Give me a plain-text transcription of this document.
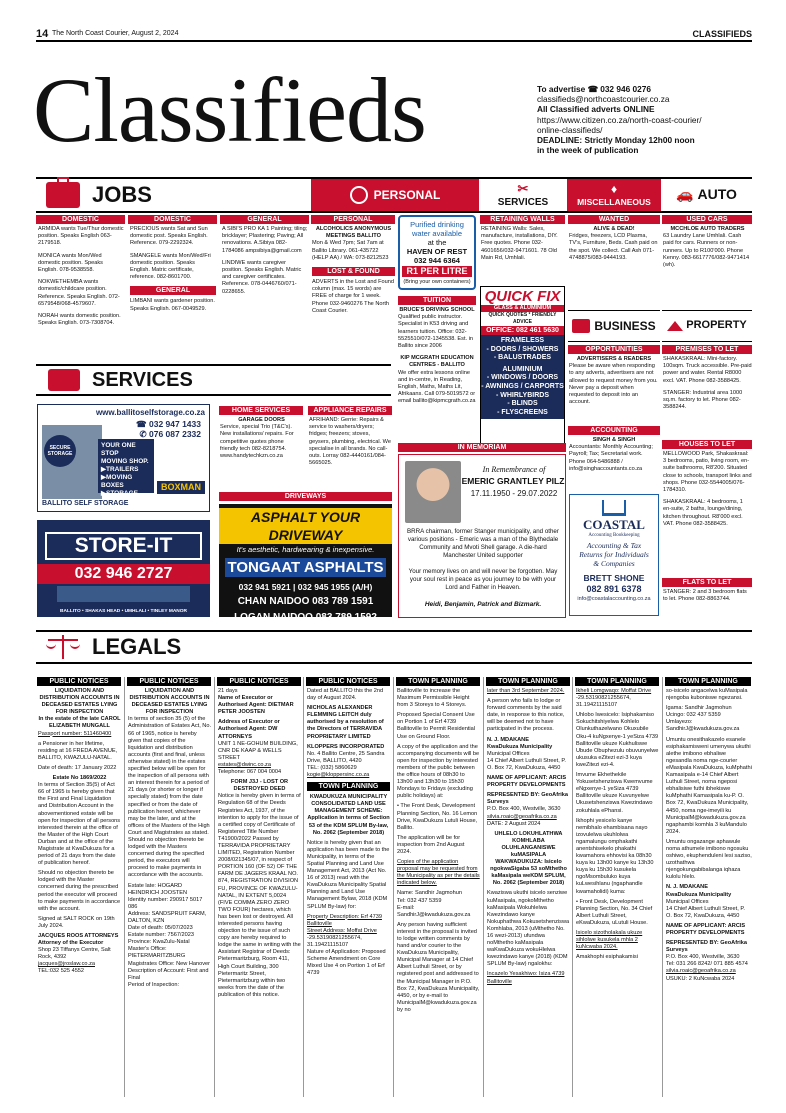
14 The North Coast Courier, August 2, 2024	CLASSIFIEDS
Classifieds	To advertise ☎ 032 946 0276
classifieds@northcoastcourier.co.za
All Classified adverts ONLINE
https://www.citizen.co.za/north-coast-courier/
online-classifieds/
DEADLINE: Strictly Monday 12h00 noon
in the week of publication
JOBS	PERSONAL	✂
SERVICES
♦
MISCELLANEOUS 🚗 AUTO
DOMESTIC

ARMIDA wants Tue/Thur domestic position. Speaks English 063-2179518.

MONICA wants Mon/Wed domestic position. Speaks English. 078-9538558.

NOKWETHEMBA wants domestic/childcare position. Reference. Speaks English. 072-6579548/068-4579607.

NORAH wants domestic position. Speaks English. 073-7308704.

DOMESTIC

PRECIOUS wants Sat and Sun domestic post. Speaks English. Reference. 079-2292324.

SMANGELE wants Mon/Wed/Fri domestic position. Speaks English. Matric certificate, reference. 082-8601700.

GENERAL

LIMBANI wants gardener position. Speaks English. 067-0049529.

GENERAL

A SIBI'S PRO KA 1 Painting; tiling; bricklayer; Plastering; Paving; All renovations. A.Sibiya 082-1784086 ampsibiya@gmail.com

LINDIWE wants caregiver position. Speaks English. Matric and caregiver certificates. Reference. 078-0446760/071-0228655.

PERSONAL
ALCOHOLICS ANONYMOUS MEETINGS BALLITO

Mon & Wed 7pm; Sat 7am at Ballito Library. 061-435722 (HELP AA) / WA: 073-8212523

LOST & FOUND

ADVERTS in the Lost and Found column (max. 15 words) are FREE of charge for 1 week. Phone 032-9460276 The North Coast Courier.

Purified drinking
water available
at the
HAVEN OF REST
032 944 6364
R1 PER LITRE
(Bring your own containers)
TUITION
BRUCE'S DRIVING SCHOOL

Qualified public instructor. Specialist in K53 driving and learners tuition. Office: 032-5525510/072-1345538. Est. in Ballito since 2006

KIP MCGRATH EDUCATION CENTRES - BALLITO

We offer extra lessons online and in-centre, in Reading, English, Maths, Maths Lit, Afrikaans. Call 079-5019572 or email ballito@kipmcgrath.co.za

RETAINING WALLS
RETAINING Walls: Sales, manufacture, installations, DIY. Free quotes. Phone 032-4601656/032-9471601. 78 Old Main Rd, Umhlali.
QUICK FIX
GLASS & ALUMINIUM
QUICK QUOTES * FRIENDLY ADVICE
OFFICE: 082 461 5630
FRAMELESS
- DOORS / SHOWERS
- BALUSTRADES
ALUMINIUM
- WINDOWS / DOORS
- AWNINGS / CARPORTS
- WHIRLYBIRDS
- BLINDS
- FLYSCREENS
WANTED
ALIVE & DEAD!

Fridges, freezers, LCD Plasma, TV's, Furniture, Beds. Cash paid on the spot. We collect. Call Ash 071-4748875/083-9444193.

USED CARS
MCCHLOE AUTO TRADERS

63 Laundry Lane Umhlali. Cash paid for cars. Runners or non-runners. Up to R100'000. Phone Kenny. 083-6617776/082-9471414 (wh).

BUSINESS
OPPORTUNITIES
ADVERTISERS & READERS

Please be aware when responding to any adverts, advertisers are not allowed to request money from you. Never pay a deposit when requested to deposit into an account.

ACCOUNTING
SINGH & SINGH

Accountants: Monthly Accounting; Payroll; Tax; Secretarial work. Phone 064-5486888 / info@singhaccountants.co.za

COASTAL
Accounting Bookkeeping
Accounting & Tax
Returns for Individuals
& Companies
BRETT SHONE
082 891 6378
info@coastalaccounting.co.za
PROPERTY
PREMISES TO LET

SHAKASKRAAL: Mini-factory. 100sqm. Truck accessible. Pre-paid power and water. Rental R8000 excl. VAT. Phone 082-3588425.

STANGER: Industrial area 1000 sq.m. factory to let. Phone 082-3588244.

HOUSES TO LET

MELLOWOOD Park, Shakaskraal: 3 bedrooms, patio, living room, en-suite bathrooms, R8'200. Situated close to schools, transport links and shops. Phone 032-5544005/076-1784310.

SHAKASKRAAL: 4 bedrooms, 1 en-suite, 2 baths, lounge/dining, kitchen throughout. R8'000 excl. VAT. Phone 082-3588425.

FLATS TO LET
STANGER: 2 and 3 bedroom flats to let. Phone 082-8863744.
SERVICES
www.ballitoselfstorage.co.za
☎ 032 947 1433
✆ 076 087 2332
SECURE STORAGE
YOUR ONE
STOP
MOVING SHOP.
▶TRAILERS
▶MOVING BOXES
▶STORAGE
BOXMAN
BALLITO SELF STORAGE
STORE-IT
032 946 2727
BALLITO • SHAKAS HEAD • UMHLALI • TINLEY MANOR
HOME SERVICES
GARAGE DOORS

Service, special Trio (T&C's). New installations/ repairs. For competitive quotes phone friendly tech 082-8218754. www.handytechkzn.co.za

APPLIANCE REPAIRS
AFRIHAND: Gerrie: Repairs & service to washers/dryers; fridges; freezers; stoves, geysers, plumbing, electrical. We specialise in all brands. No call-outs. Lorray 082-4440161/084-5665025.
DRIVEWAYS
ASPHALT YOUR DRIVEWAY
It's aesthetic, hardwearing & inexpensive.
TONGAAT ASPHALTS
032 941 5921 | 032 945 1955 (A/H)
CHAN NAIDOO 083 789 1591
LOGAN NAIDOO 083 789 1592
IN MEMORIAM
In Remembrance of
EMERIC GRANTLEY PILZ
17.11.1950 - 29.07.2022
BRRA chairman, former Stanger municipality, and other various positions - Emeric was a man of the Blythedale Community and Mvoti Shell garage. A die-hard Manchester United supporter
Your memory lives on and will never be forgotten. May your soul rest in peace as you journey to be with your Lord and Father in Heaven.
Heidi, Benjamin, Patrick and Bizmark.
LEGALS
PUBLIC NOTICES	PUBLIC NOTICES	PUBLIC NOTICES	PUBLIC NOTICES	TOWN PLANNING	TOWN PLANNING	TOWN PLANNING	TOWN PLANNING
LIQUIDATION AND DISTRIBUTION ACCOUNTS IN DECEASED ESTATES LYING FOR INSPECTION
In the estate of the late CAROL ELIZABETH MUNGALL

Passport number: 511460400

a Pensioner in her lifetime, residing at 16 FREDA AVENUE, BALLITO, KWAZULU-NATAL.

Date of death: 17 January 2022

Estate No 1869/2022

In terms of Section 35(5) of Act 66 of 1965 is hereby given that the First and Final Liquidation and Distribution Account in the abovementioned estate will be open for inspection of all persons interested therein at the office of the Master of the High Court Durban and at the office of the Magistrate at KwaDukuza for a period of 21 days from the date of publication hereof.

Should no objection thereto be lodged with the Master concerned during the prescribed period the executor will proceed to make payments in accordance with the account.

Signed at SALT ROCK on 19th July 2024.

JACQUES ROOS ATTORNEYS
Attorney of the Executor
Shop 23 Tiffanys Centre, Salt Rock, 4392
jacques@jroslaw.co.za
TEL:032 525 4552
LIQUIDATION AND DISTRIBUTION ACCOUNTS IN DECEASED ESTATES LYING FOR INSPECTION

In terms of section 35 (5) of the Administration of Estates Act, No. 66 of 1965, notice is hereby given that copies of the liquidation and distribution accounts (first and final, unless otherwise stated) in the estates specified below will be open for the inspection of all persons with an interest therein for a period of 21 days (or shorter or longer if specially stated) from the date specified or from the date of publication hereof, whichever may be the later, and at the offices of the Masters of the High Court and Magistrates as stated. Should no objection thereto be lodged with the Masters concerned during the specified period, the executors will proceed to make payments in accordance with the accounts.

Estate late: HOGARD HEINDRICH JOOSTEN
Identity number: 290917 5017 086
Address: SANDSPRUIT FARM, DALTON, KZN
Date of death: 05/07/2023
Estate number: 7567/2023
Province: KwaZulu-Natal
Master's Office: PIETERMARITZBURG
Magistrates Office: New Hanover
Description of Account: First and Final
Period of Inspection:
21 days

Name of Executor or Authorised Agent: DIETMAR PETER JOOSTEN

Address of Executor or Authorised Agent: DW ATTORNEYS
UNIT 1 NE-GOHUM BUILDING, CNR DE KAAP & WELLS STREET
estates@dwinc.co.za

Telephone: 067 004 0004

FORM J3J - LOST OR DESTROYED DEED

Notice is hereby given in terms of Regulation 68 of the Deeds Registries Act, 1937, of the intention to apply for the issue of a certified copy of Certificate of Registered Title Number T41900/2022 Passed by TERRAVIDA PROPRIETARY LIMITED, Registration Number 2008/021345/07, in respect of PORTION 160 (OF 52) OF THE FARM DE JAGERS KRAAL NO. 874, REGISTRATION DIVISION FU, PROVINCE OF KWAZULU-NATAL, IN EXTENT 5,0024 (FIVE COMMA ZERO ZERO TWO FOUR) hectares, which has been lost or destroyed. All interested persons having objection to the issue of such copy are hereby required to lodge the same in writing with the Assistant Registrar of Deeds: Pietermaritzburg, Room 411, High Court Building, 300 Pietermaritz Street, Pietermaritzburg within two weeks from the date of the publication of this notice.

Dated at BALLITO this the 2nd day of August 2024.

NICHOLAS ALEXANDER FLEMMING LEITCH duly authorised by a resolution of the Directors of TERRAVIDA PROPRIETARY LIMITED

KLOPPERS INCORPORATED
No. 4 Ballito Centre, 25 Sandra Drive, BALLITO, 4420
TEL: (032) 5860629

kogie@kloppersinc.co.za

TOWN PLANNING
KWADUKUZA MUNICIPALITY CONSOLIDATED LAND USE MANAGEMENT SCHEME:

Application in terms of Section 53 of the KDM SPLUM By-law, No. 2062 (September 2018)

Notice is hereby given that an application has been made to the Municipality, in terms of the Spatial Planning and Land Use Management Act, 2013 (Act No. 16 of 2013) read with the KwaDukuza Municipality Spatial Planning and Land Use Management Bylaw, 2018 (KDM SPLUM By-law) for:

Property Description: Erf 4739 Ballitoville
Street Address: Moffat Drive
-29.53190821255674, 31.19421115107
Nature of Application: Proposed Scheme Amendment on Core Mixed Use 4 on Portion 1 of Erf 4739

Ballitoville to increase the Maximum Permissible Height from 3 Storeys to 4 Storeys.

Proposed Special Consent Use on Portion 1 of Erf 4739 Ballitoville to Permit Residential Use on Ground Floor.

A copy of the application and the accompanying documents will be open for inspection by interested members of the public between the office hours of 08h30 to 13h00 and 13h30 to 15h30 Mondays to Fridays (excluding public holidays) at:

• The Front Desk, Development Planning Section, No. 16 Lemon Drive, KwaDukuza Lutuli House, Ballito.

The application will be for inspection from 2nd August 2024.

Copies of the application proposal may be requested from the Municipality as per the details indicated below.

Name: Sandhir Jagmohun
Tel: 032 437 5359

E-mail: SandhirJ@kwadukuza.gov.za

Any person having sufficient interest in the proposal is invited to lodge written comments by hand and/or courier to the KwaDukuza Municipality, Municipal Manager at 14 Chief Albert Luthuli Street, or by registered post and addressed to the Municipal Manager in P.O. Box 72, KwaDukuza Municipality, 4450, or by e-mail to MunicipalM@kwadukuza.gov.za by no

later than 3rd September 2024.

A person who fails to lodge or forward comments by the said date, in response to this notice, will be deemed not to have participated in the process.

N. J. MDAKANE
KwaDukuza Municipality
Municipal Offices

14 Chief Albert Luthuli Street, P. O. Box 72, KwaDukuza, 4450

NAME OF APPLICANT: ARCIS PROPERTY DEVELOPMENTS

REPRESENTED BY: GeoAfrika Surveys
P.O. Box 400, Westville, 3630
silvia.roaic@geoafrika.co.za

DATE: 2 August 2024

UHLELO LOKUHLATHWA KOMHLABA OLUHLANGANISWE kuMASIPALA WAKWADUKUZA: Isicelo ngokwaSigaba 53 soMthetho kaMasipala weKDM SPLUM, No. 2062 (September 2018)

Kwaziswa ukuthi isicelo senziwe kuMasipala, ngokoMthetho kaMasipala Wokuhlelwa Kwezindawo kanye Nokuphathwa Kokusetshenziswa Komhlaba, 2013 (uMthetho No. 16 wezi-2013) ufundwa noMthetho kaMasipala waKwaDukuza wokuHlelwa kwezindawo kanye (2018) (KDM SPLUM By-law) ngalokhu:

Incazelo Yesakhiwo: Isiza 4739 Ballitoville
Ikheli Lomgwaqo: Moffat Drive

-29.53190821255674, 31.19421115107

Uhlobo Iwesicelo: Isiphakamiso Sokuchitshiyelwa Kohlelo Olunkuthazelwano Okuxubile Oku-4 kuNgxenye-1 yeSiza 4739 Ballitoville ukuze Kukhuliswe Ubude Obuphezulu obuvunyelwe ukusuka eZitezi ezi-3 kuya kweZitezi ezi-4.

Imvume Ekhethekile Yokusetshenziswa Kwemvume eNgxenye-1 yeSiza 4739 Ballitoville ukuze Kuvunyelwe Ukusetshenziswa Kwezindawo zokuhlala ePhansi.

Ikhophi yesicelo kanye nemibhalo ehambisana nayo izovulelwa ukuhlolwa ngamalungu omphakathi anentshisekelo phakathi kwamahora ehhovisi ka 08h30 kuya ku 13h00 kanye ku 13h30 kuya ku 15h30 kusukela ngoMsombuluko kuya kuLwesihlanu (ngaphandle kwamaholidi) kuma:

• Front Desk, Development Planning Section, No. 34 Chief Albert Luthuli Street, eKwaDukuza, uLutuli House.

Isicelo sizotholakala ukuze sihlolwe kusukela mhla 2 kuNcwaba 2024.

Amakhophi esiphakamisi

so-isicelo angacelwa kuMasipala njengoba kuboniswe ngezansi.

Igama: Sandhir Jagmohun
Ucingo: 032 437 5359

Umlayezo: SandhirJ@kwadukuza.gov.za

Umuntu onesithakazelo esanele esiphakamisweni umenywa ukuthi alethe imibono ebhaliwe ngesandla noma nge-courier eMasipala KwaDukuza, kuMphathi Kamasipala e-14 Chief Albert Luthuli Street, noma ngeposi ebhalisiwe futhi ibhekiswe kuMphathi Kamasipala ku-P. O. Box 72, KwaDukuza Municipality, 4450, noma nge-imeyili ku MunicipalM@kwadukuza.gov.za ngaphambi komhla 3 kuMandulo 2024.

Umuntu ongazange aphawule noma athumele imibono ngosuku oshiwo, ekuphenduleni lesi saziso, uzothathwa njengokungabibalanga iqhaza kulolu hlelo.

N. J. MDAKANE
KwaDukuza Municipality
Municipal Offices

14 Chief Albert Luthuli Street, P. O. Box 72, KwaDukuza, 4450

NAME OF APPLICANT: ARCIS PROPERTY DEVELOPMENTS

REPRESENTED BY: GeoAfrika Surveys
P.O. Box 400, Westville, 3630
Tel: 031 266 8242/ 071 885 4574
silvia.roaic@geoafrika.co.za
USUKU: 2 KuNcwaba 2024
